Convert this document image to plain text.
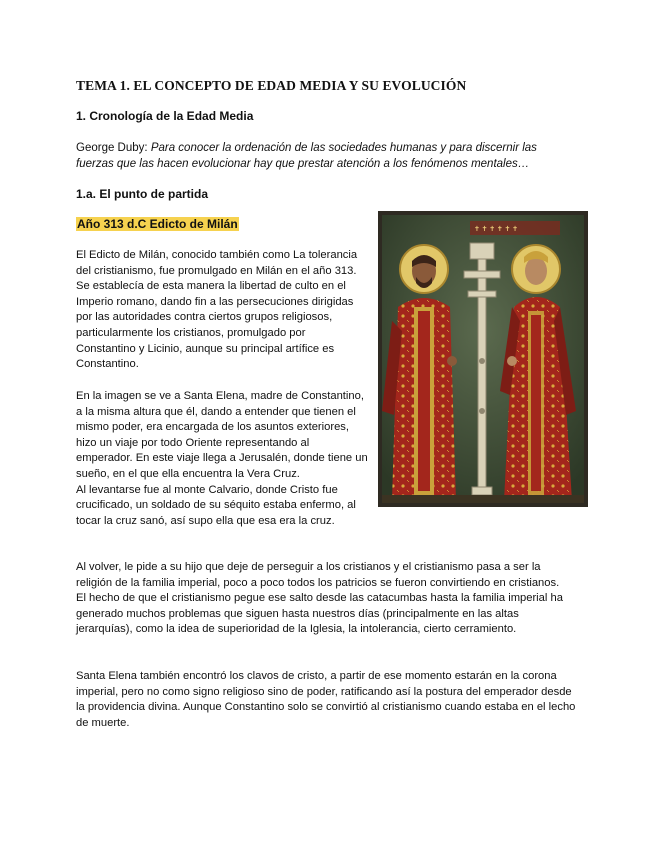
TEMA 1. EL CONCEPTO DE EDAD MEDIA Y SU EVOLUCIÓN
1. Cronología de la Edad Media

George Duby: Para conocer la ordenación de las sociedades humanas y para discernir las fuerzas que las hacen evolucionar hay que prestar atención a los fenómenos mentales…

1.a. El punto de partida
Año 313 d.C Edicto de Milán

El Edicto de Milán, conocido también como La tolerancia del cristianismo, fue promulgado en Milán en el año 313. Se establecía de esta manera la libertad de culto en el Imperio romano, dando fin a las persecuciones dirigidas por las autoridades contra ciertos grupos religiosos, particularmente los cristianos, promulgado por Constantino y Licinio, aunque su principal artífice es Constantino.

En la imagen se ve a Santa Elena, madre de Constantino, a la misma altura que él, dando a entender que tienen el mismo poder, era encargada de los asuntos exteriores, hizo un viaje por todo Oriente representando al emperador. En este viaje llega a Jerusalén, donde tiene un sueño, en el que ella encuentra la Vera Cruz.
Al levantarse fue al monte Calvario, donde Cristo fue crucificado, un soldado de su séquito estaba enfermo, al tocar la cruz sanó, así supo ella que esa era la cruz.
Al volver, le pide a su hijo que deje de perseguir a los cristianos y el cristianismo pasa a ser la religión de la familia imperial, poco a poco todos los patricios se fueron convirtiendo en cristianos.
El hecho de que el cristianismo pegue ese salto desde las catacumbas hasta la familia imperial ha generado muchos problemas que siguen hasta nuestros días (principalmente en las altas jerarquías), como la idea de superioridad de la Iglesia, la intolerancia, cierto cerramiento.

Santa Elena también encontró los clavos de cristo, a partir de ese momento estarán en la corona imperial, pero no como signo religioso sino de poder, ratificando así la postura del emperador desde la providencia divina. Aunque Constantino solo se convirtió al cristianismo cuando estaba en el lecho de muerte.

✝ ✝ ✝ ✝ ✝ ✝
